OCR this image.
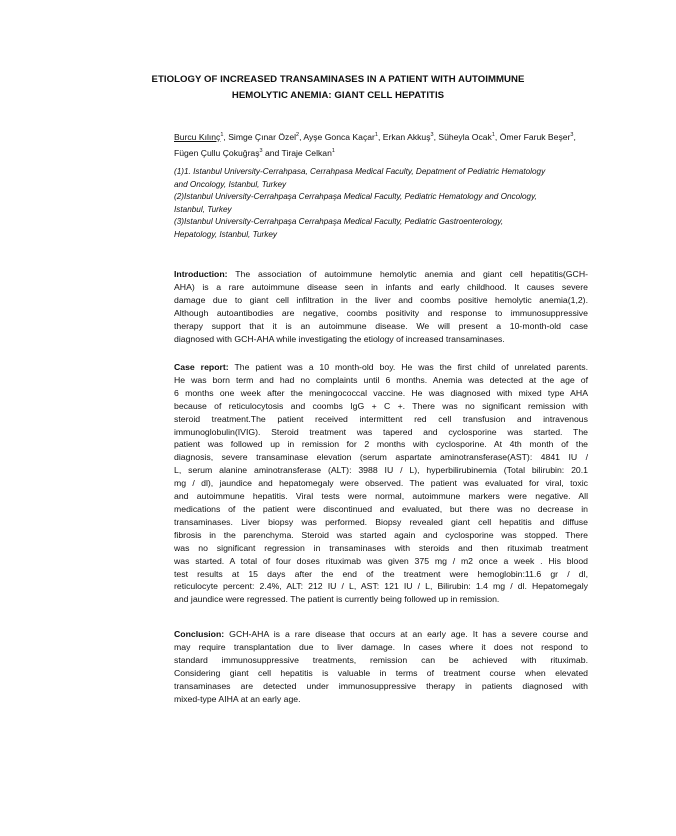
ETIOLOGY OF INCREASED TRANSAMINASES IN A PATIENT WITH AUTOIMMUNE
HEMOLYTIC ANEMIA: GIANT CELL HEPATITIS
Burcu Kılınç$^1$, Simge Çınar Özel$^2$, Ayşe Gonca Kaçar$^1$, Erkan Akkuş$^3$, Süheyla Ocak$^1$, Ömer Faruk Beşer$^3$,
Fügen Çullu Çokuğraş$^3$ and Tiraje Celkan$^1$
(1)1. Istanbul University-Cerrahpasa, Cerrahpasa Medical Faculty, Depatment of Pediatric Hematology
and Oncology, Istanbul, Turkey
(2)Istanbul University-Cerrahpaşa Cerrahpaşa Medical Faculty, Pediatric Hematology and Oncology,
Istanbul, Turkey
(3)Istanbul University-Cerrahpaşa Cerrahpaşa Medical Faculty, Pediatric Gastroenterology,
Hepatology, Istanbul, Turkey
Introduction: The association of autoimmune hemolytic anemia and giant cell hepatitis(GCH-
AHA) is a rare autoimmune disease seen in infants and early childhood. It causes severe
damage due to giant cell infiltration in the liver and coombs positive hemolytic anemia(1,2).
Although autoantibodies are negative, coombs positivity and response to immunosuppressive
therapy support that it is an autoimmune disease. We will present a 10-month-old case
diagnosed with GCH-AHA while investigating the etiology of increased transaminases.
Case report: The patient was a 10 month-old boy. He was the first child of unrelated parents.
He was born term and had no complaints until 6 months. Anemia was detected at the age of
6 months one week after the meningococcal vaccine. He was diagnosed with mixed type AHA
because of reticulocytosis and coombs IgG + C +. There was no significant remission with
steroid treatment.The patient received intermittent red cell transfusion and intravenous
immunoglobulin(IVIG). Steroid treatment was tapered and cyclosporine was started. The
patient was followed up in remission for 2 months with cyclosporine. At 4th month of the
diagnosis, severe transaminase elevation (serum aspartate aminotransferase(AST): 4841 IU /
L, serum alanine aminotransferase (ALT): 3988 IU / L), hyperbilirubinemia (Total bilirubin: 20.1
mg / dl), jaundice and hepatomegaly were observed. The patient was evaluated for viral, toxic
and autoimmune hepatitis. Viral tests were normal, autoimmune markers were negative. All
medications of the patient were discontinued and evaluated, but there was no decrease in
transaminases. Liver biopsy was performed. Biopsy revealed giant cell hepatitis and diffuse
fibrosis in the parenchyma. Steroid was started again and cyclosporine was stopped. There
was no significant regression in transaminases with steroids and then rituximab treatment
was started. A total of four doses rituximab was given 375 mg / m2 once a week . His blood
test results at 15 days after the end of the treatment were hemoglobin:11.6 gr / dl,
reticulocyte percent: 2.4%, ALT: 212 IU / L, AST: 121 IU / L, Bilirubin: 1.4 mg / dl. Hepatomegaly
and jaundice were regressed. The patient is currently being followed up in remission.
Conclusion: GCH-AHA is a rare disease that occurs at an early age. It has a severe course and
may require transplantation due to liver damage. In cases where it does not respond to
standard immunosuppressive treatments, remission can be achieved with rituximab.
Considering giant cell hepatitis is valuable in terms of treatment course when elevated
transaminases are detected under immunosuppressive therapy in patients diagnosed with
mixed-type AIHA at an early age.
